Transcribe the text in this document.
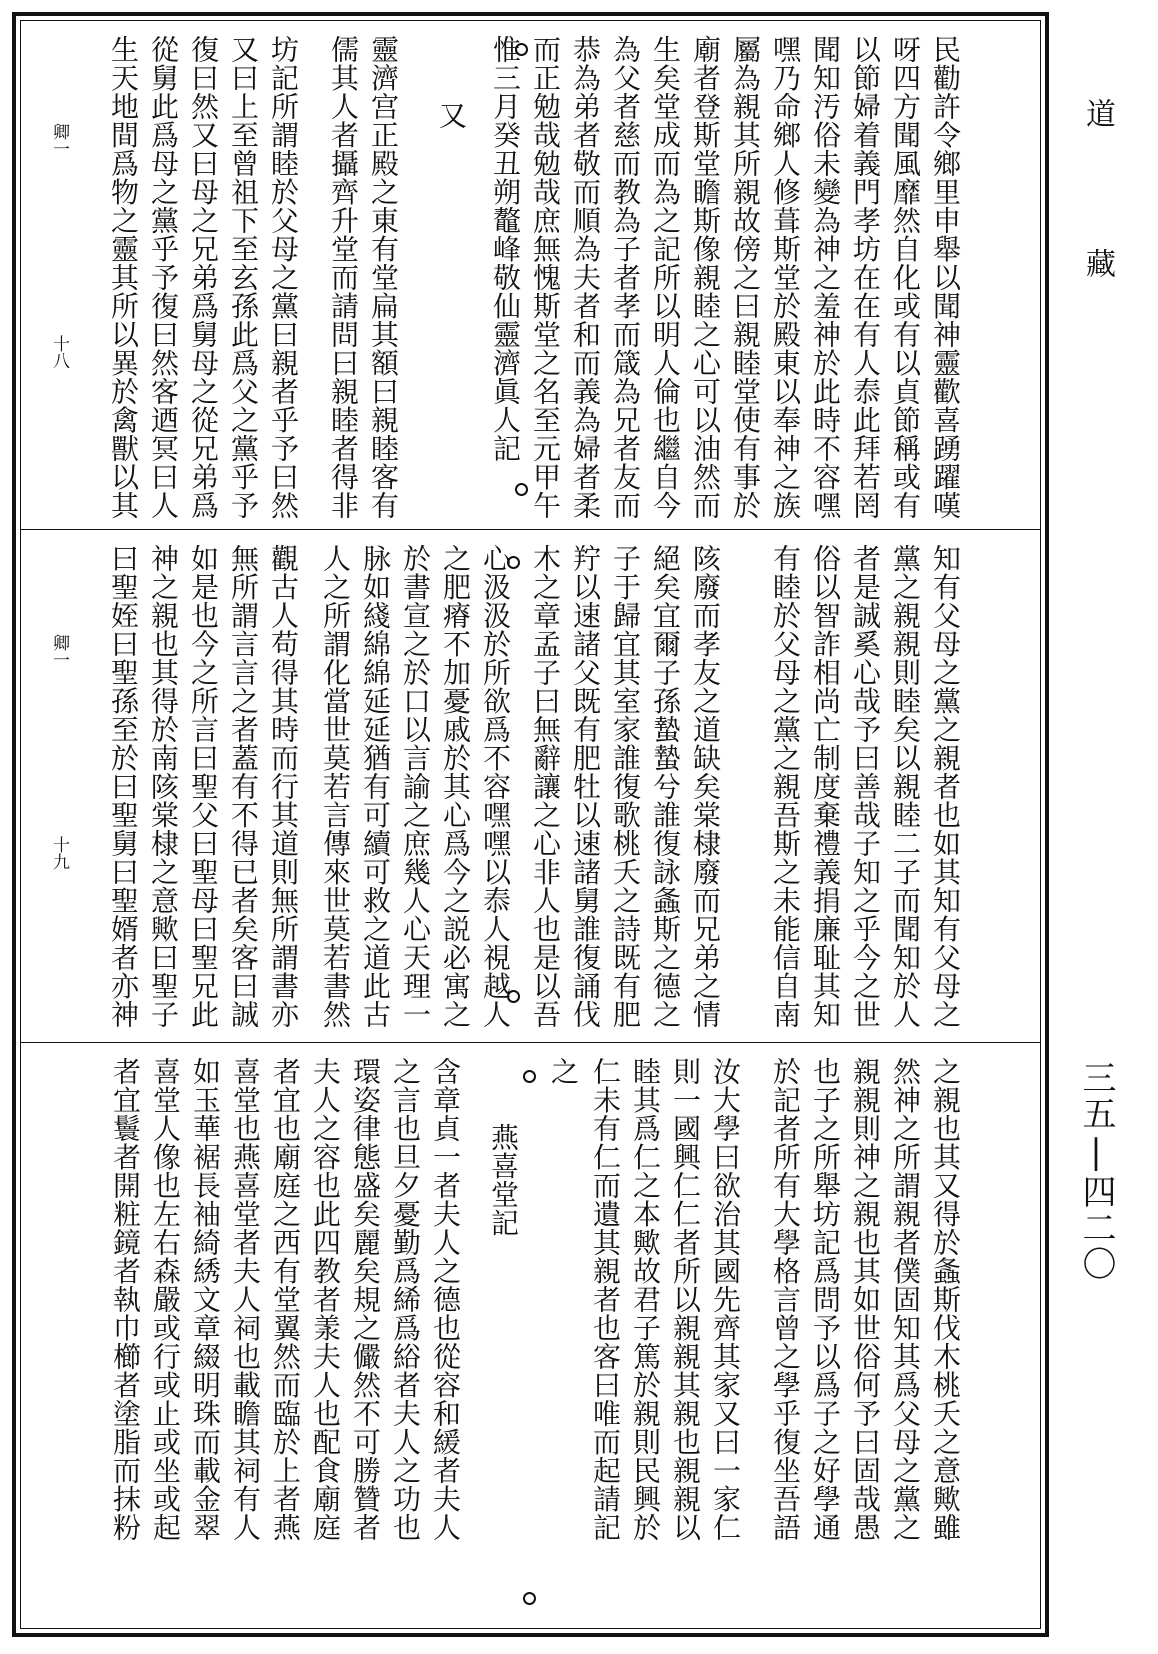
民勸許令鄉里申舉以聞神靈歡喜踴躍嘆
呀四方聞風靡然自化或有以貞節稱或有
以節婦着義門孝坊在在有人㤗此拜若罔
聞知汚俗未變為神之羞神於此時不容嘿
嘿乃命鄉人修葺斯堂於殿東以奉神之族
屬為親其所親故傍之曰親睦堂使有事於
廟者登斯堂瞻斯像親睦之心可以油然而
生矣堂成而為之記所以明人倫也繼自今
為父者慈而教為子者孝而箴為兄者友而
恭為弟者敬而順為夫者和而義為婦者柔
而正勉哉勉哉庶無愧斯堂之名至元甲午
惟三月癸丑朔鼇峰敬仙靈濟眞人記
又
靈濟宫正殿之東有堂扁其額曰親睦客有
儒其人者攝齊升堂而請問曰親睦者得非
坊記所謂睦於父母之黨曰親者乎予曰然
又曰上至曾祖下至玄孫此爲父之黨乎予
復曰然又曰母之兄弟爲舅母之從兄弟爲
從舅此爲母之黨乎予復曰然客迺冥曰人
生天地間爲物之靈其所以異於禽獸以其
卿一
十八
知有父母之黨之親者也如其知有父母之
黨之親親則睦矣以親睦二子而聞知於人
者是誠奚心哉予曰善哉子知之乎今之世
俗以智詐相尚亡制度棄禮義捐廉耻其知
有睦於父母之黨之親吾斯之未能信自南
陔廢而孝友之道缺矣棠棣廢而兄弟之情
絕矣宜爾子孫蟄蟄兮誰復詠螽斯之德之
子于歸宜其室家誰復歌桃夭之詩既有肥
羜以速諸父既有肥牡以速諸舅誰復誦伐
木之章孟子曰無辭讓之心非人也是以吾
心汲汲於所欲爲不容嘿嘿以㤗人視越人
之肥瘠不加憂戚於其心爲今之説必寓之
於書宣之於口以言諭之庶幾人心天理一
脉如綫綿綿延延猶有可續可救之道此古
人之所謂化當世莫若言傳來世莫若書然
觀古人苟得其時而行其道則無所謂書亦
無所謂言言之者蓋有不得已者矣客曰誠
如是也今之所言曰聖父曰聖母曰聖兄此
神之親也其得於南陔棠棣之意歟曰聖子
曰聖姪曰聖孫至於曰聖舅曰聖婿者亦神
卿一
十九
之親也其又得於螽斯伐木桃夭之意歟雖
然神之所謂親者僕固知其爲父母之黨之
親親則神之親也其如世俗何予曰固哉愚
也子之所舉坊記爲問予以爲子之好學通
於記者所有大學格言曾之學乎復坐吾語
汝大學曰欲治其國先齊其家又曰一家仁
則一國興仁仁者所以親親其親也親親以
睦其爲仁之本歟故君子篤於親則民興於
仁未有仁而遺其親者也客曰唯而起請記
之
燕喜堂記
含章貞一者夫人之德也從容和緩者夫人
之言也旦夕憂勤爲絺爲綌者夫人之功也
環姿律態盛矣麗矣規之儼然不可勝贊者
夫人之容也此四教者羕夫人也配食廟庭
者宜也廟庭之西有堂翼然而臨於上者燕
喜堂也燕喜堂者夫人祠也載瞻其祠有人
如玉華裾長袖綺綉文章綴明珠而載金翠
喜堂人像也左右森嚴或行或止或坐或起
者宜鬟者開粧鏡者執巾櫛者塗脂而抹粉
道藏
三五|四二〇
